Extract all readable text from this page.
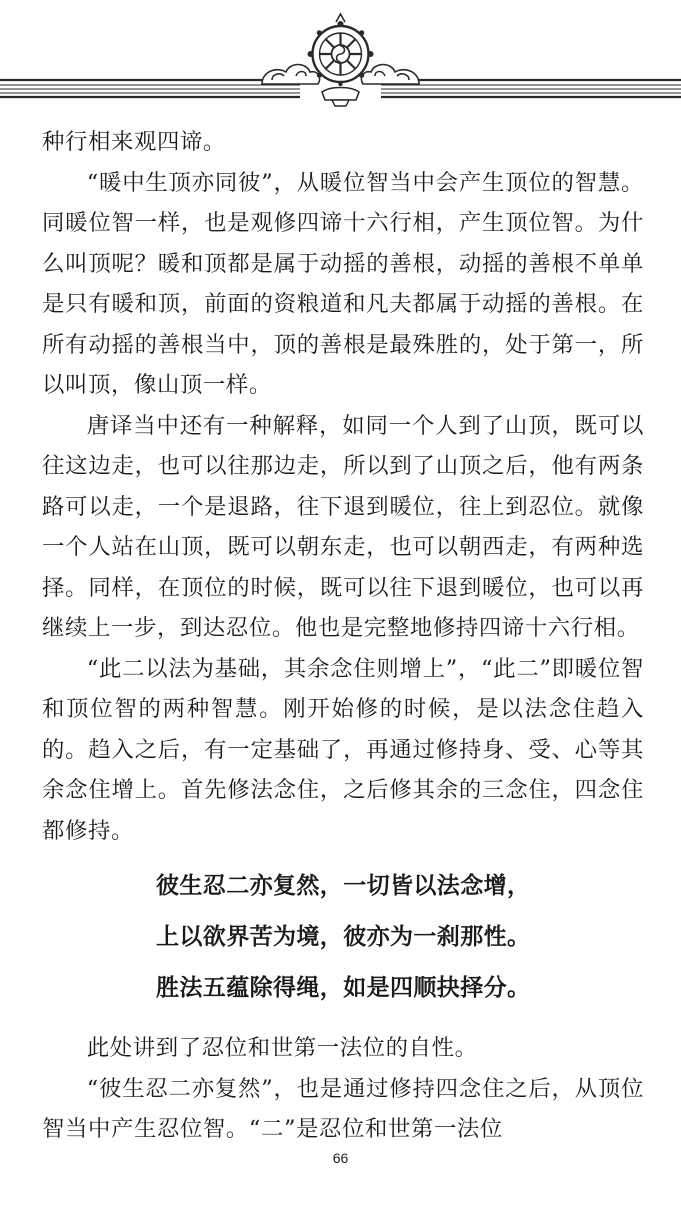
种行相来观四谛。

“暖中生顶亦同彼”，从暖位智当中会产生顶位的智慧。同暖位智一样，也是观修四谛十六行相，产生顶位智。为什么叫顶呢？暖和顶都是属于动摇的善根，动摇的善根不单单是只有暖和顶，前面的资粮道和凡夫都属于动摇的善根。在所有动摇的善根当中，顶的善根是最殊胜的，处于第一，所以叫顶，像山顶一样。

唐译当中还有一种解释，如同一个人到了山顶，既可以往这边走，也可以往那边走，所以到了山顶之后，他有两条路可以走，一个是退路，往下退到暖位，往上到忍位。就像一个人站在山顶，既可以朝东走，也可以朝西走，有两种选择。同样，在顶位的时候，既可以往下退到暖位，也可以再继续上一步，到达忍位。他也是完整地修持四谛十六行相。

“此二以法为基础，其余念住则增上”，“此二”即暖位智和顶位智的两种智慧。刚开始修的时候，是以法念住趋入的。趋入之后，有一定基础了，再通过修持身、受、心等其余念住增上。首先修法念住，之后修其余的三念住，四念住都修持。

彼生忍二亦复然，一切皆以法念增，

上以欲界苦为境，彼亦为一刹那性。

胜法五蕴除得绳，如是四顺抉择分。

此处讲到了忍位和世第一法位的自性。

“彼生忍二亦复然”，也是通过修持四念住之后，从顶位智当中产生忍位智。“二”是忍位和世第一法位

66
